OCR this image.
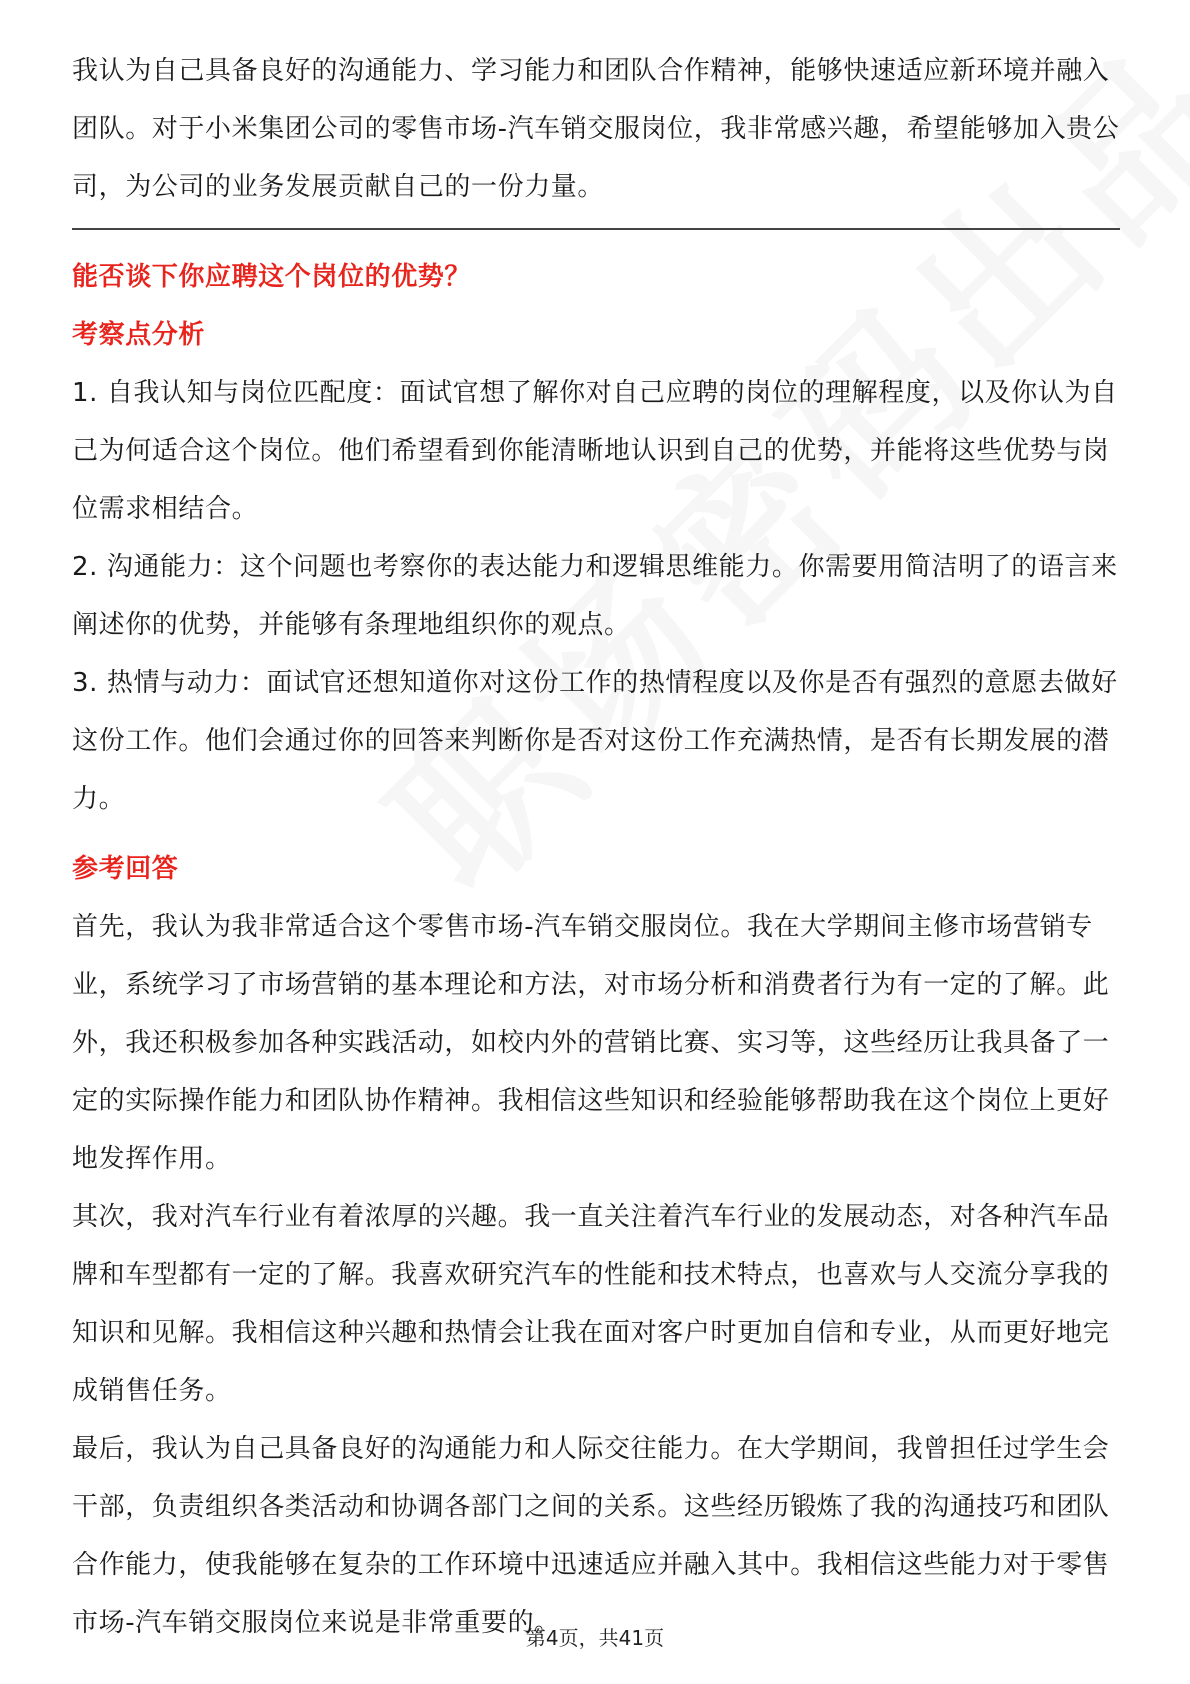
我认为自己具备良好的沟通能力、学习能力和团队合作精神，能够快速适应新环境并融入团队。对于小米集团公司的零售市场-汽车销交服岗位，我非常感兴趣，希望能够加入贵公司，为公司的业务发展贡献自己的一份力量。

能否谈下你应聘这个岗位的优势？
考察点分析

1. 自我认知与岗位匹配度：面试官想了解你对自己应聘的岗位的理解程度，以及你认为自己为何适合这个岗位。他们希望看到你能清晰地认识到自己的优势，并能将这些优势与岗位需求相结合。

2. 沟通能力：这个问题也考察你的表达能力和逻辑思维能力。你需要用简洁明了的语言来阐述你的优势，并能够有条理地组织你的观点。

3. 热情与动力：面试官还想知道你对这份工作的热情程度以及你是否有强烈的意愿去做好这份工作。他们会通过你的回答来判断你是否对这份工作充满热情，是否有长期发展的潜力。

参考回答

首先，我认为我非常适合这个零售市场-汽车销交服岗位。我在大学期间主修市场营销专业，系统学习了市场营销的基本理论和方法，对市场分析和消费者行为有一定的了解。此外，我还积极参加各种实践活动，如校内外的营销比赛、实习等，这些经历让我具备了一定的实际操作能力和团队协作精神。我相信这些知识和经验能够帮助我在这个岗位上更好地发挥作用。

其次，我对汽车行业有着浓厚的兴趣。我一直关注着汽车行业的发展动态，对各种汽车品牌和车型都有一定的了解。我喜欢研究汽车的性能和技术特点，也喜欢与人交流分享我的知识和见解。我相信这种兴趣和热情会让我在面对客户时更加自信和专业，从而更好地完成销售任务。

最后，我认为自己具备良好的沟通能力和人际交往能力。在大学期间，我曾担任过学生会干部，负责组织各类活动和协调各部门之间的关系。这些经历锻炼了我的沟通技巧和团队合作能力，使我能够在复杂的工作环境中迅速适应并融入其中。我相信这些能力对于零售市场-汽车销交服岗位来说是非常重要的。

第4页，共41页
